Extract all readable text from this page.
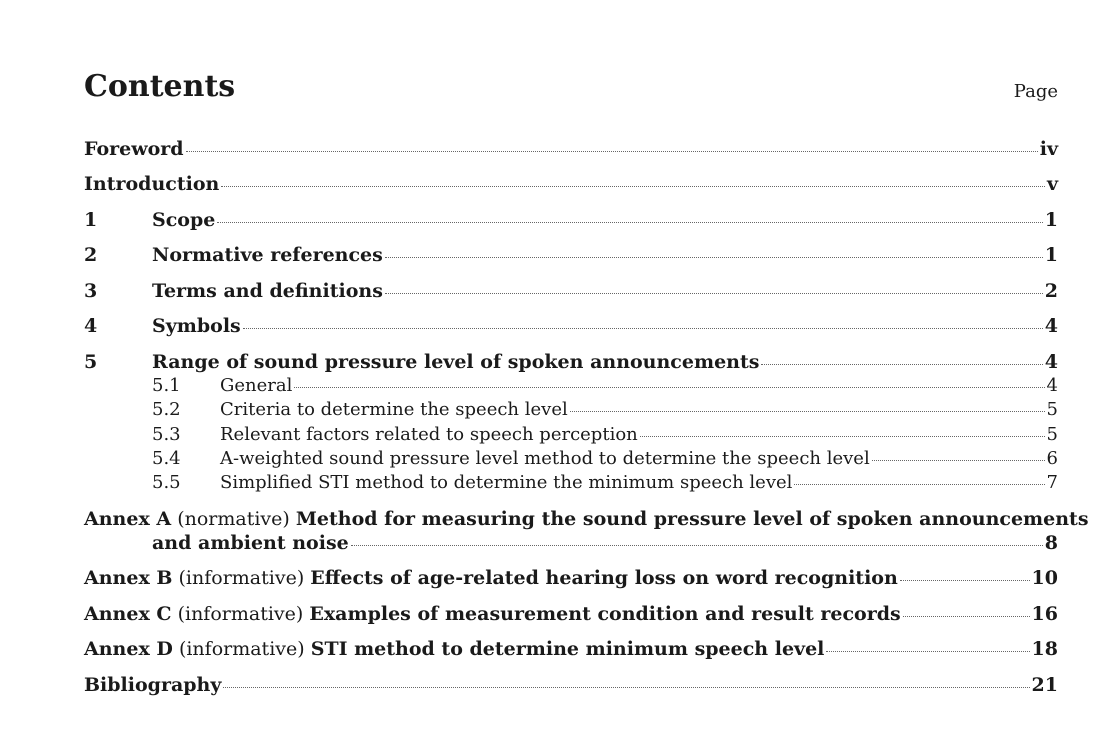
Contents	Page
Foreword	iv
Introduction	v
1	Scope	1
2	Normative references	1
3	Terms and definitions	2
4	Symbols	4
5	Range of sound pressure level of spoken announcements	4
5.1	General	4
5.2	Criteria to determine the speech level	5
5.3	Relevant factors related to speech perception	5
5.4	A-weighted sound pressure level method to determine the speech level	6
5.5	Simplified STI method to determine the minimum speech level	7
Annex A (normative) Method for measuring the sound pressure level of spoken announcements
and ambient noise	8
Annex B (informative) Effects of age-related hearing loss on word recognition	10
Annex C (informative) Examples of measurement condition and result records	16
Annex D (informative) STI method to determine minimum speech level	18
Bibliography	21
